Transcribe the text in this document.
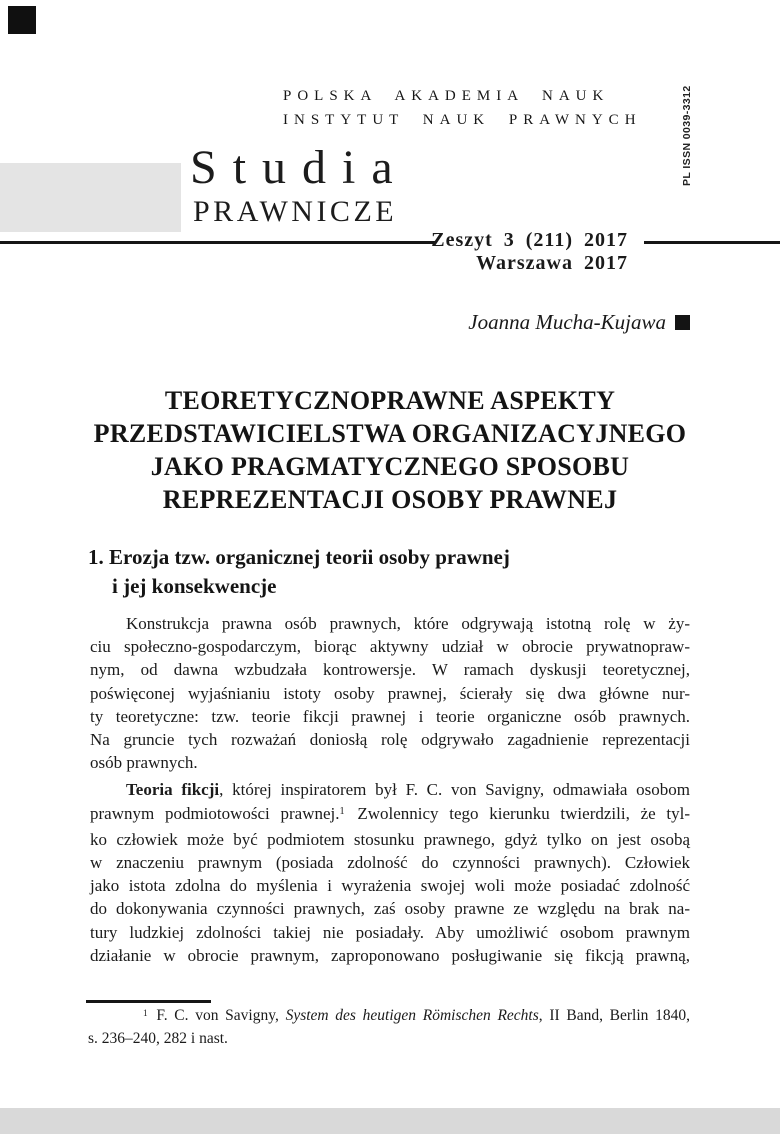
POLSKA AKADEMIA NAUK
INSTYTUT NAUK PRAWNYCH
Studia
PRAWNICZE
PL ISSN 0039-3312
Zeszyt 3 (211) 2017
Warszawa 2017
Joanna Mucha-Kujawa
TEORETYCZNOPRAWNE ASPEKTY
PRZEDSTAWICIELSTWA ORGANIZACYJNEGO
JAKO PRAGMATYCZNEGO SPOSOBU
REPREZENTACJI OSOBY PRAWNEJ
1. Erozja tzw. organicznej teorii osoby prawnej
i jej konsekwencje
Konstrukcja prawna osób prawnych, które odgrywają istotną rolę w ży-
ciu społeczno-gospodarczym, biorąc aktywny udział w obrocie prywatnopraw-
nym, od dawna wzbudzała kontrowersje. W ramach dyskusji teoretycznej,
poświęconej wyjaśnianiu istoty osoby prawnej, ścierały się dwa główne nur-
ty teoretyczne: tzw. teorie fikcji prawnej i teorie organiczne osób prawnych.
Na gruncie tych rozważań doniosłą rolę odgrywało zagadnienie reprezentacji
osób prawnych.
Teoria fikcji, której inspiratorem był F. C. von Savigny, odmawiała osobom
prawnym podmiotowości prawnej.$^1$ Zwolennicy tego kierunku twierdzili, że tyl-
ko człowiek może być podmiotem stosunku prawnego, gdyż tylko on jest osobą
w znaczeniu prawnym (posiada zdolność do czynności prawnych). Człowiek
jako istota zdolna do myślenia i wyrażenia swojej woli może posiadać zdolność
do dokonywania czynności prawnych, zaś osoby prawne ze względu na brak na-
tury ludzkiej zdolności takiej nie posiadały. Aby umożliwić osobom prawnym
działanie w obrocie prawnym, zaproponowano posługiwanie się fikcją prawną,
$^1$ F. C. von Savigny, System des heutigen Römischen Rechts, II Band, Berlin 1840,
s. 236–240, 282 i nast.
